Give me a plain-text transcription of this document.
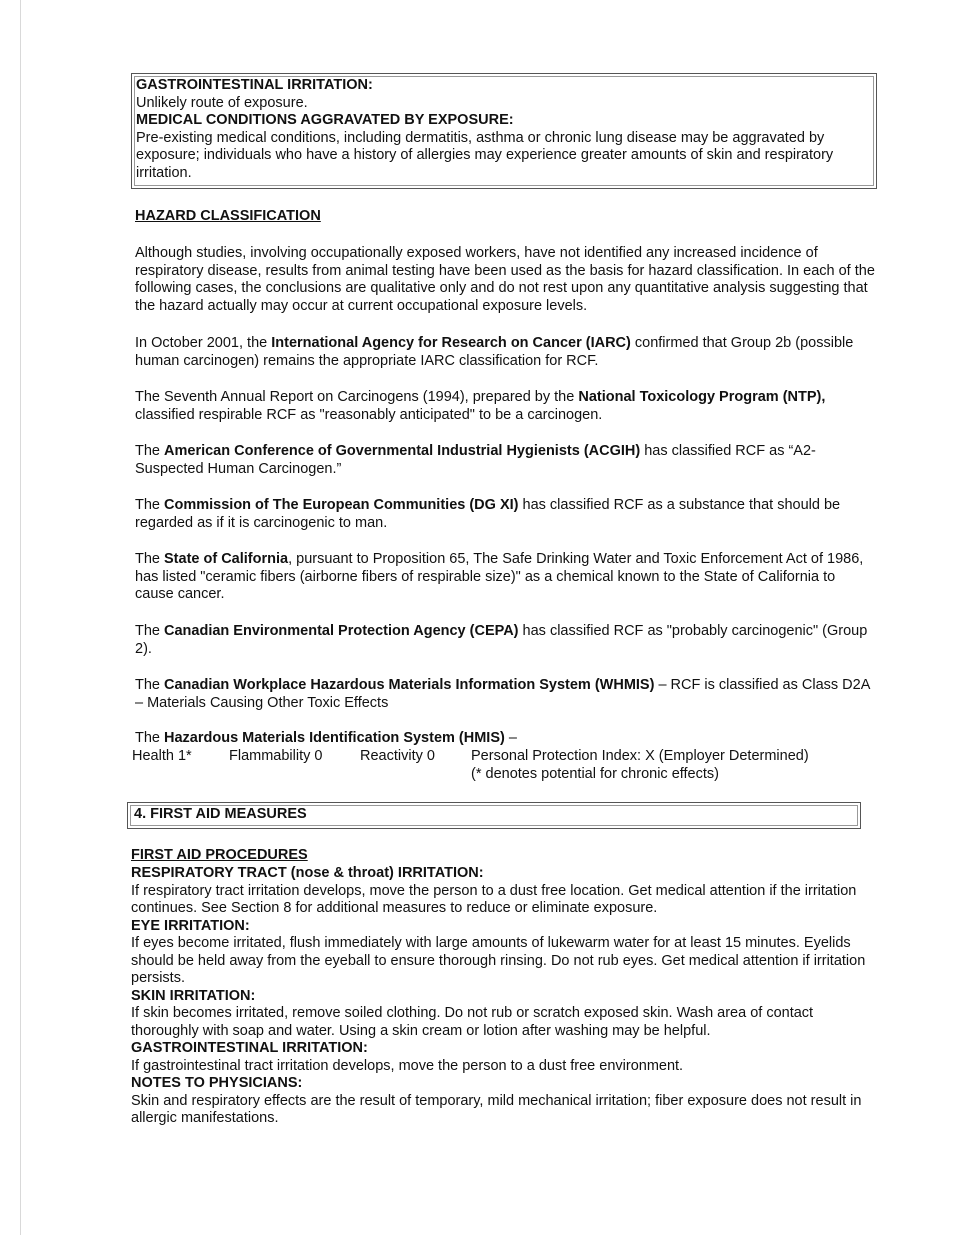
GASTROINTESTINAL IRRITATION:
Unlikely route of exposure.
MEDICAL CONDITIONS AGGRAVATED BY EXPOSURE:
Pre-existing medical conditions, including dermatitis, asthma or chronic lung disease may be aggravated by exposure; individuals who have a history of allergies may experience greater amounts of skin and respiratory irritation.
HAZARD CLASSIFICATION

Although studies, involving occupationally exposed workers, have not identified any increased incidence of respiratory disease, results from animal testing have been used as the basis for hazard classification. In each of the following cases, the conclusions are qualitative only and do not rest upon any quantitative analysis suggesting that the hazard actually may occur at current occupational exposure levels.

In October 2001, the International Agency for Research on Cancer (IARC) confirmed that Group 2b (possible human carcinogen) remains the appropriate IARC classification for RCF.

The Seventh Annual Report on Carcinogens (1994), prepared by the National Toxicology Program (NTP), classified respirable RCF as "reasonably anticipated" to be a carcinogen.

The American Conference of Governmental Industrial Hygienists (ACGIH) has classified RCF as “A2-Suspected Human Carcinogen.”

The Commission of The European Communities (DG XI) has classified RCF as a substance that should be regarded as if it is carcinogenic to man.

The State of California, pursuant to Proposition 65, The Safe Drinking Water and Toxic Enforcement Act of 1986, has listed "ceramic fibers (airborne fibers of respirable size)" as a chemical known to the State of California to cause cancer.

The Canadian Environmental Protection Agency (CEPA) has classified RCF as "probably carcinogenic" (Group 2).

The Canadian Workplace Hazardous Materials Information System (WHMIS) – RCF is classified as Class D2A – Materials Causing Other Toxic Effects

The Hazardous Materials Identification System (HMIS) –

Health 1*	Flammability 0	Reactivity 0 Personal Protection Index: X (Employer Determined)
(* denotes potential for chronic effects)
4. FIRST AID MEASURES
FIRST AID PROCEDURES
RESPIRATORY TRACT (nose & throat) IRRITATION:
If respiratory tract irritation develops, move the person to a dust free location. Get medical attention if the irritation continues. See Section 8 for additional measures to reduce or eliminate exposure.
EYE IRRITATION:
If eyes become irritated, flush immediately with large amounts of lukewarm water for at least 15 minutes. Eyelids should be held away from the eyeball to ensure thorough rinsing. Do not rub eyes. Get medical attention if irritation persists.
SKIN IRRITATION:
If skin becomes irritated, remove soiled clothing. Do not rub or scratch exposed skin. Wash area of contact thoroughly with soap and water. Using a skin cream or lotion after washing may be helpful.
GASTROINTESTINAL IRRITATION:
If gastrointestinal tract irritation develops, move the person to a dust free environment.
NOTES TO PHYSICIANS:
Skin and respiratory effects are the result of temporary, mild mechanical irritation; fiber exposure does not result in allergic manifestations.
